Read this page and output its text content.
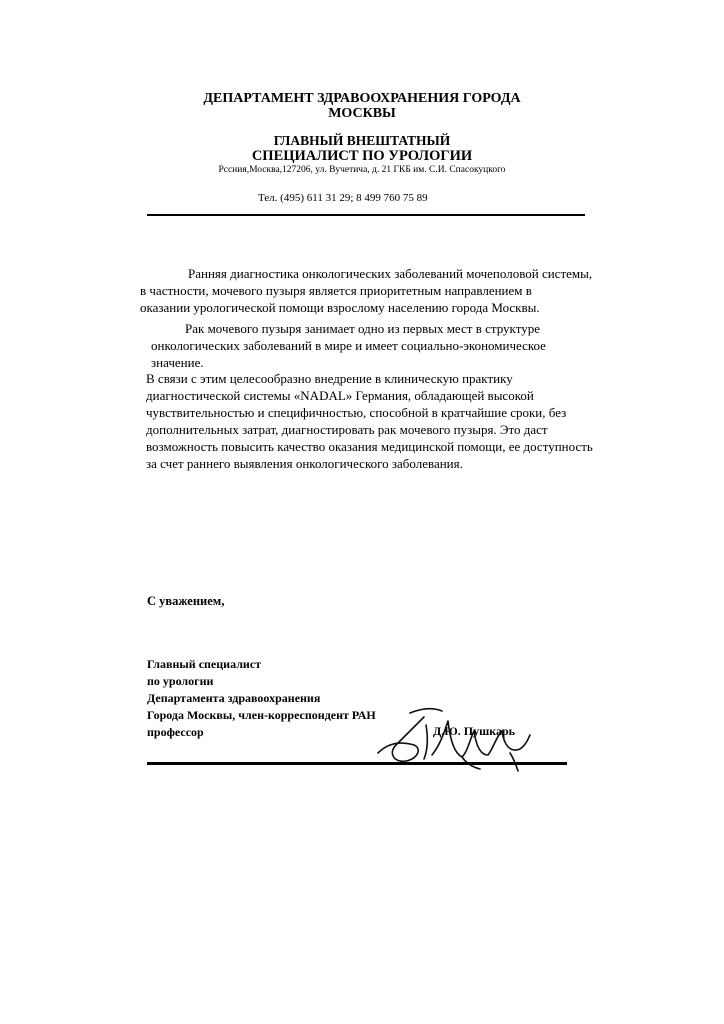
ДЕПАРТАМЕНТ ЗДРАВООХРАНЕНИЯ ГОРОДА
МОСКВЫ
ГЛАВНЫЙ ВНЕШТАТНЫЙ
СПЕЦИАЛИСТ ПО УРОЛОГИИ
Рссиия,Москва,127206, ул. Вучетича, д. 21 ГКБ им. С.И. Спасокуцкого
Тел. (495) 611 31 29; 8 499 760 75 89
Ранняя диагностика онкологических заболеваний мочеполовой системы,
в частности, мочевого пузыря является приоритетным направлением в
оказании урологической помощи взрослому населению города Москвы.
Рак мочевого пузыря занимает одно из первых мест в структуре
онкологических заболеваний в мире и имеет социально-экономическое
значение.
В связи с этим целесообразно внедрение в клиническую практику
диагностической системы «NADAL» Германия, обладающей высокой
чувствительностью и специфичностью, способной в кратчайшие сроки, без
дополнительных затрат, диагностировать рак мочевого пузыря. Это даст
возможность повысить качество оказания медицинской помощи, ее доступность
за счет раннего выявления онкологического заболевания.
С уважением,
Главный специалист
по урологии
Департамента здравоохранения
Города Москвы, член-корреспондент РАН
профессор	Д.Ю. Пушкарь
